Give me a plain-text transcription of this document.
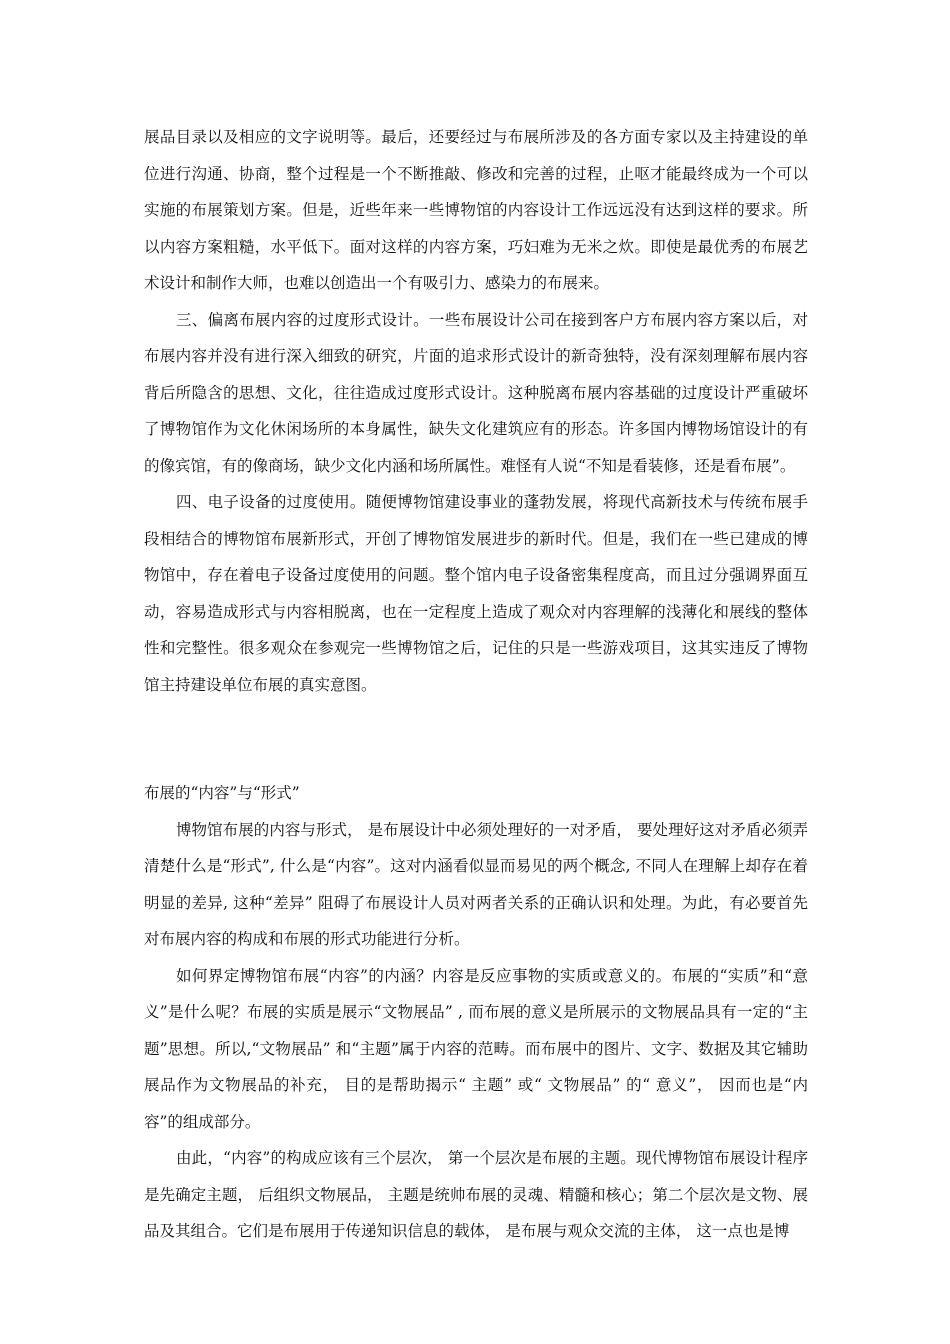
展品目录以及相应的文字说明等。最后，还要经过与布展所涉及的各方面专家以及主持建设的单位进行沟通、协商，整个过程是一个不断推敲、修改和完善的过程，止呕才能最终成为一个可以实施的布展策划方案。但是，近些年来一些博物馆的内容设计工作远远没有达到这样的要求。所以内容方案粗糙，水平低下。面对这样的内容方案，巧妇难为无米之炊。即使是最优秀的布展艺术设计和制作大师，也难以创造出一个有吸引力、感染力的布展来。

三、偏离布展内容的过度形式设计。一些布展设计公司在接到客户方布展内容方案以后，对布展内容并没有进行深入细致的研究，片面的追求形式设计的新奇独特，没有深刻理解布展内容背后所隐含的思想、文化，往往造成过度形式设计。这种脱离布展内容基础的过度设计严重破坏了博物馆作为文化休闲场所的本身属性，缺失文化建筑应有的形态。许多国内博物场馆设计的有的像宾馆，有的像商场，缺少文化内涵和场所属性。难怪有人说“不知是看装修，还是看布展”。

四、电子设备的过度使用。随便博物馆建设事业的蓬勃发展，将现代高新技术与传统布展手段相结合的博物馆布展新形式，开创了博物馆发展进步的新时代。但是，我们在一些已建成的博物馆中，存在着电子设备过度使用的问题。整个馆内电子设备密集程度高，而且过分强调界面互动，容易造成形式与内容相脱离，也在一定程度上造成了观众对内容理解的浅薄化和展线的整体性和完整性。很多观众在参观完一些博物馆之后，记住的只是一些游戏项目，这其实违反了博物馆主持建设单位布展的真实意图。

布展的“内容”与“形式”

博物馆布展的内容与形式， 是布展设计中必须处理好的一对矛盾， 要处理好这对矛盾必须弄清楚什么是“形式”, 什么是“内容”。这对内涵看似显而易见的两个概念, 不同人在理解上却存在着明显的差异, 这种“差异” 阻碍了布展设计人员对两者关系的正确认识和处理。为此，有必要首先对布展内容的构成和布展的形式功能进行分析。

如何界定博物馆布展“内容”的内涵？内容是反应事物的实质或意义的。布展的“实质”和“意义”是什么呢？布展的实质是展示“文物展品” , 而布展的意义是所展示的文物展品具有一定的“主题”思想。所以,“文物展品” 和“主题”属于内容的范畴。而布展中的图片、文字、数据及其它辅助展品作为文物展品的补充， 目的是帮助揭示“ 主题” 或“ 文物展品” 的“ 意义”， 因而也是“内容”的组成部分。

由此，“内容”的构成应该有三个层次， 第一个层次是布展的主题。现代博物馆布展设计程序是先确定主题， 后组织文物展品， 主题是统帅布展的灵魂、精髓和核心；第二个层次是文物、展品及其组合。它们是布展用于传递知识信息的载体， 是布展与观众交流的主体， 这一点也是博
